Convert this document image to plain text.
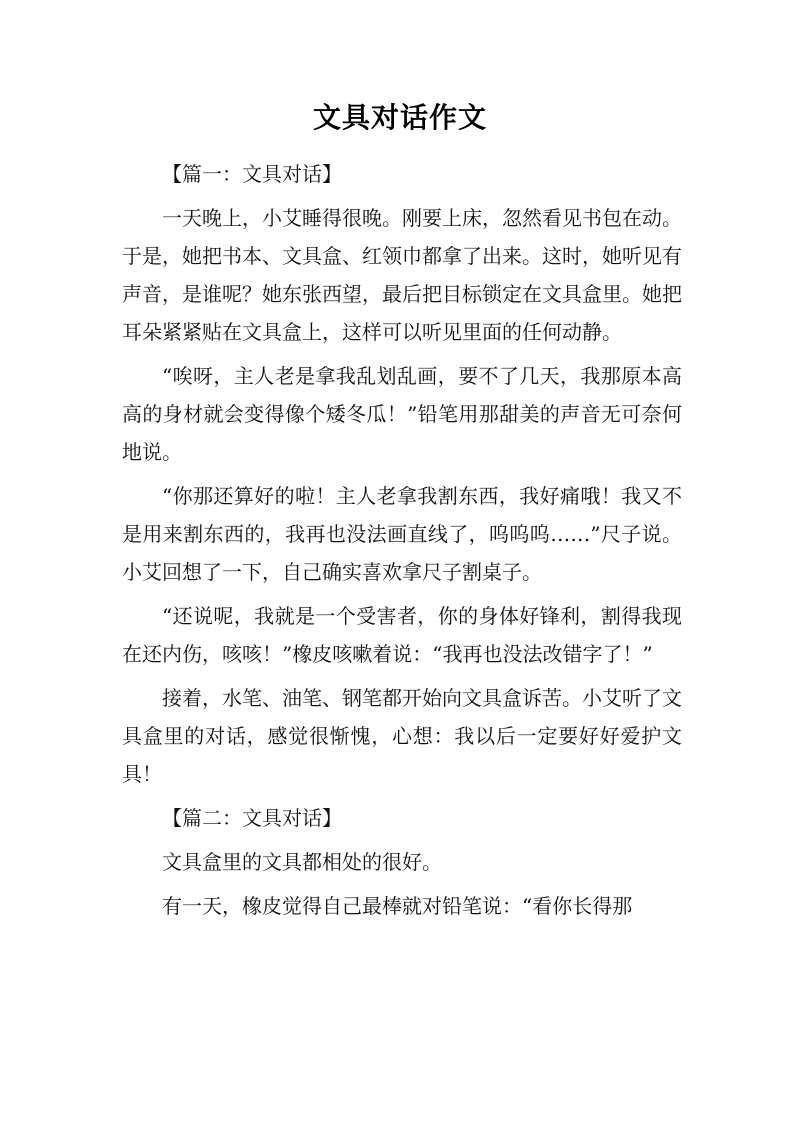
文具对话作文

【篇一：文具对话】

一天晚上，小艾睡得很晚。刚要上床，忽然看见书包在动。于是，她把书本、文具盒、红领巾都拿了出来。这时，她听见有声音，是谁呢？她东张西望，最后把目标锁定在文具盒里。她把耳朵紧紧贴在文具盒上，这样可以听见里面的任何动静。

“唉呀，主人老是拿我乱划乱画，要不了几天，我那原本高高的身材就会变得像个矮冬瓜！”铅笔用那甜美的声音无可奈何地说。

“你那还算好的啦！主人老拿我割东西，我好痛哦！我又不是用来割东西的，我再也没法画直线了，呜呜呜……”尺子说。小艾回想了一下，自己确实喜欢拿尺子割桌子。

“还说呢，我就是一个受害者，你的身体好锋利，割得我现在还内伤，咳咳！”橡皮咳嗽着说：“我再也没法改错字了！”

接着，水笔、油笔、钢笔都开始向文具盒诉苦。小艾听了文具盒里的对话，感觉很惭愧，心想：我以后一定要好好爱护文具！

【篇二：文具对话】

文具盒里的文具都相处的很好。

有一天，橡皮觉得自己最棒就对铅笔说：“看你长得那
